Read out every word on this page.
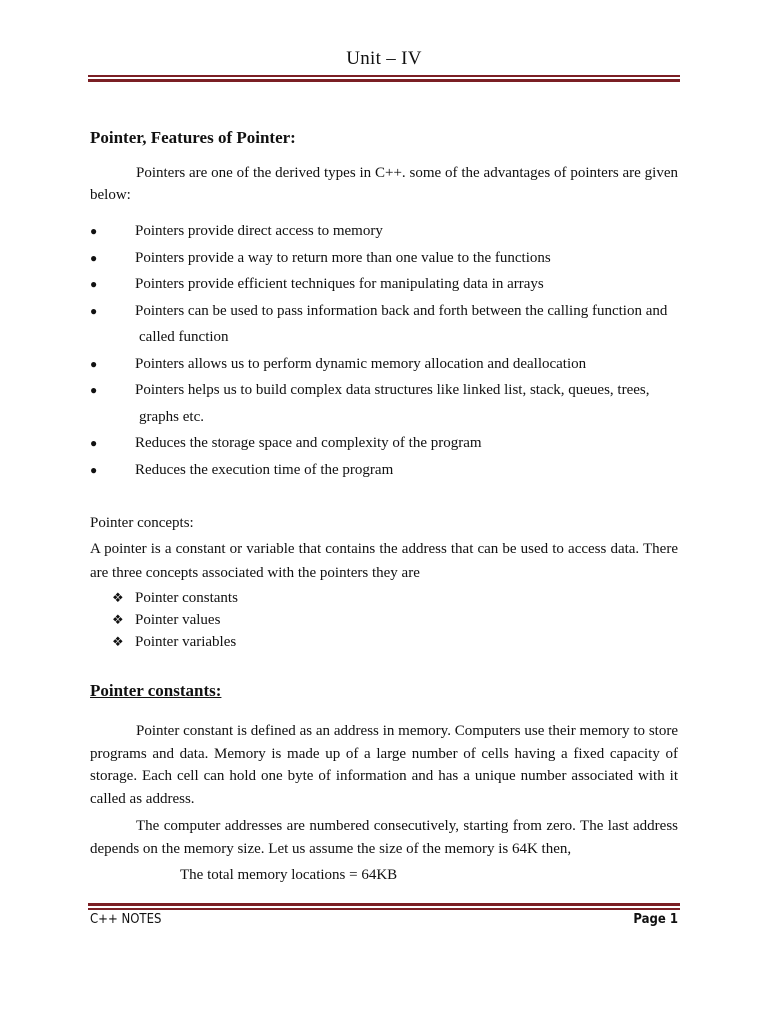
Unit – IV
Pointer, Features of Pointer:

Pointers are one of the derived types in C++. some of the advantages of pointers are given below:

●	Pointers provide direct access to memory
●	Pointers provide a way to return more than one value to the functions
●	Pointers provide efficient techniques for manipulating data in arrays
●	Pointers can be used to pass information back and forth between the calling function and
called function
●	Pointers allows us to perform dynamic memory allocation and deallocation
●	Pointers helps us to build complex data structures like linked list, stack, queues, trees,
graphs etc.
●	Reduces the storage space and complexity of the program
●	Reduces the execution time of the program
Pointer concepts:

A pointer is a constant or variable that contains the address that can be used to access data. There are three concepts associated with the pointers they are

❖ Pointer constants
❖ Pointer values
❖ Pointer variables
Pointer constants:

Pointer constant is defined as an address in memory. Computers use their memory to store programs and data. Memory is made up of a large number of cells having a fixed capacity of storage. Each cell can hold one byte of information and has a unique number associated with it called as address.

The computer addresses are numbered consecutively, starting from zero. The last address depends on the memory size. Let us assume the size of the memory is 64K then,

The total memory locations = 64KB
C++ NOTES	Page 1
